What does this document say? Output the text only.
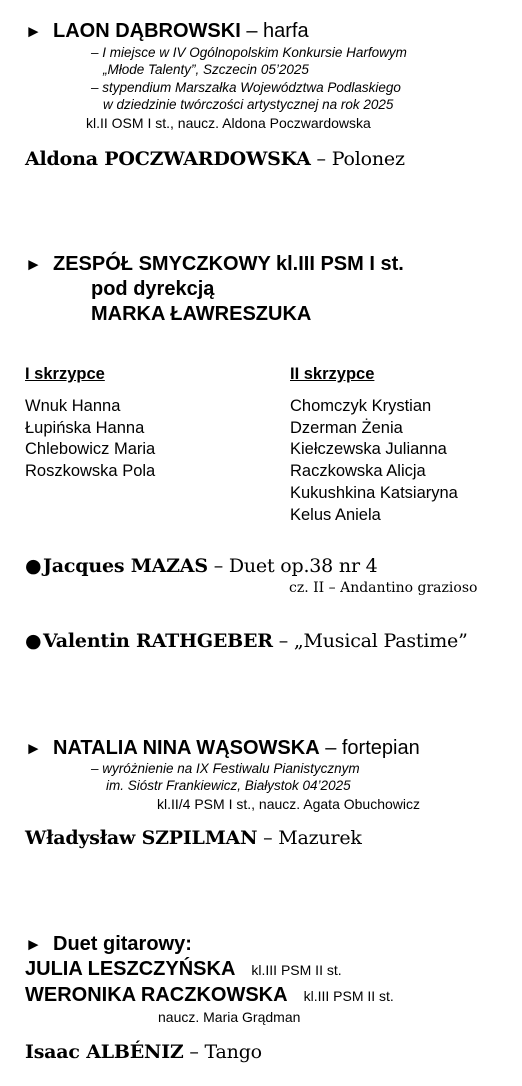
► LAON DĄBROWSKI – harfa
– I miejsce w IV Ogólnopolskim Konkursie Harfowym
„Młode Talenty”, Szczecin 05’2025
– stypendium Marszałka Województwa Podlaskiego
w dziedzinie twórczości artystycznej na rok 2025
kl.II OSM I st., naucz. Aldona Poczwardowska
Aldona POCZWARDOWSKA – Polonez
► ZESPÓŁ SMYCZKOWY kl.III PSM I st.
pod dyrekcją
MARKA ŁAWRESZUKA
I skrzypce
Wnuk Hanna
Łupińska Hanna
Chlebowicz Maria
Roszkowska Pola
II skrzypce
Chomczyk Krystian
Dzerman Żenia
Kiełczewska Julianna
Raczkowska Alicja
Kukushkina Katsiaryna
Kelus Aniela
●Jacques MAZAS – Duet op.38 nr 4
cz. II – Andantino grazioso
●Valentin RATHGEBER – „Musical Pastime”
► NATALIA NINA WĄSOWSKA – fortepian
– wyróżnienie na IX Festiwalu Pianistycznym
im. Sióstr Frankiewicz, Białystok 04’2025
kl.II/4 PSM I st., naucz. Agata Obuchowicz
Władysław SZPILMAN – Mazurek
► Duet gitarowy:
JULIA LESZCZYŃSKA kl.III PSM II st.
WERONIKA RACZKOWSKA kl.III PSM II st.
naucz. Maria Grądman
Isaac ALBÉNIZ – Tango
